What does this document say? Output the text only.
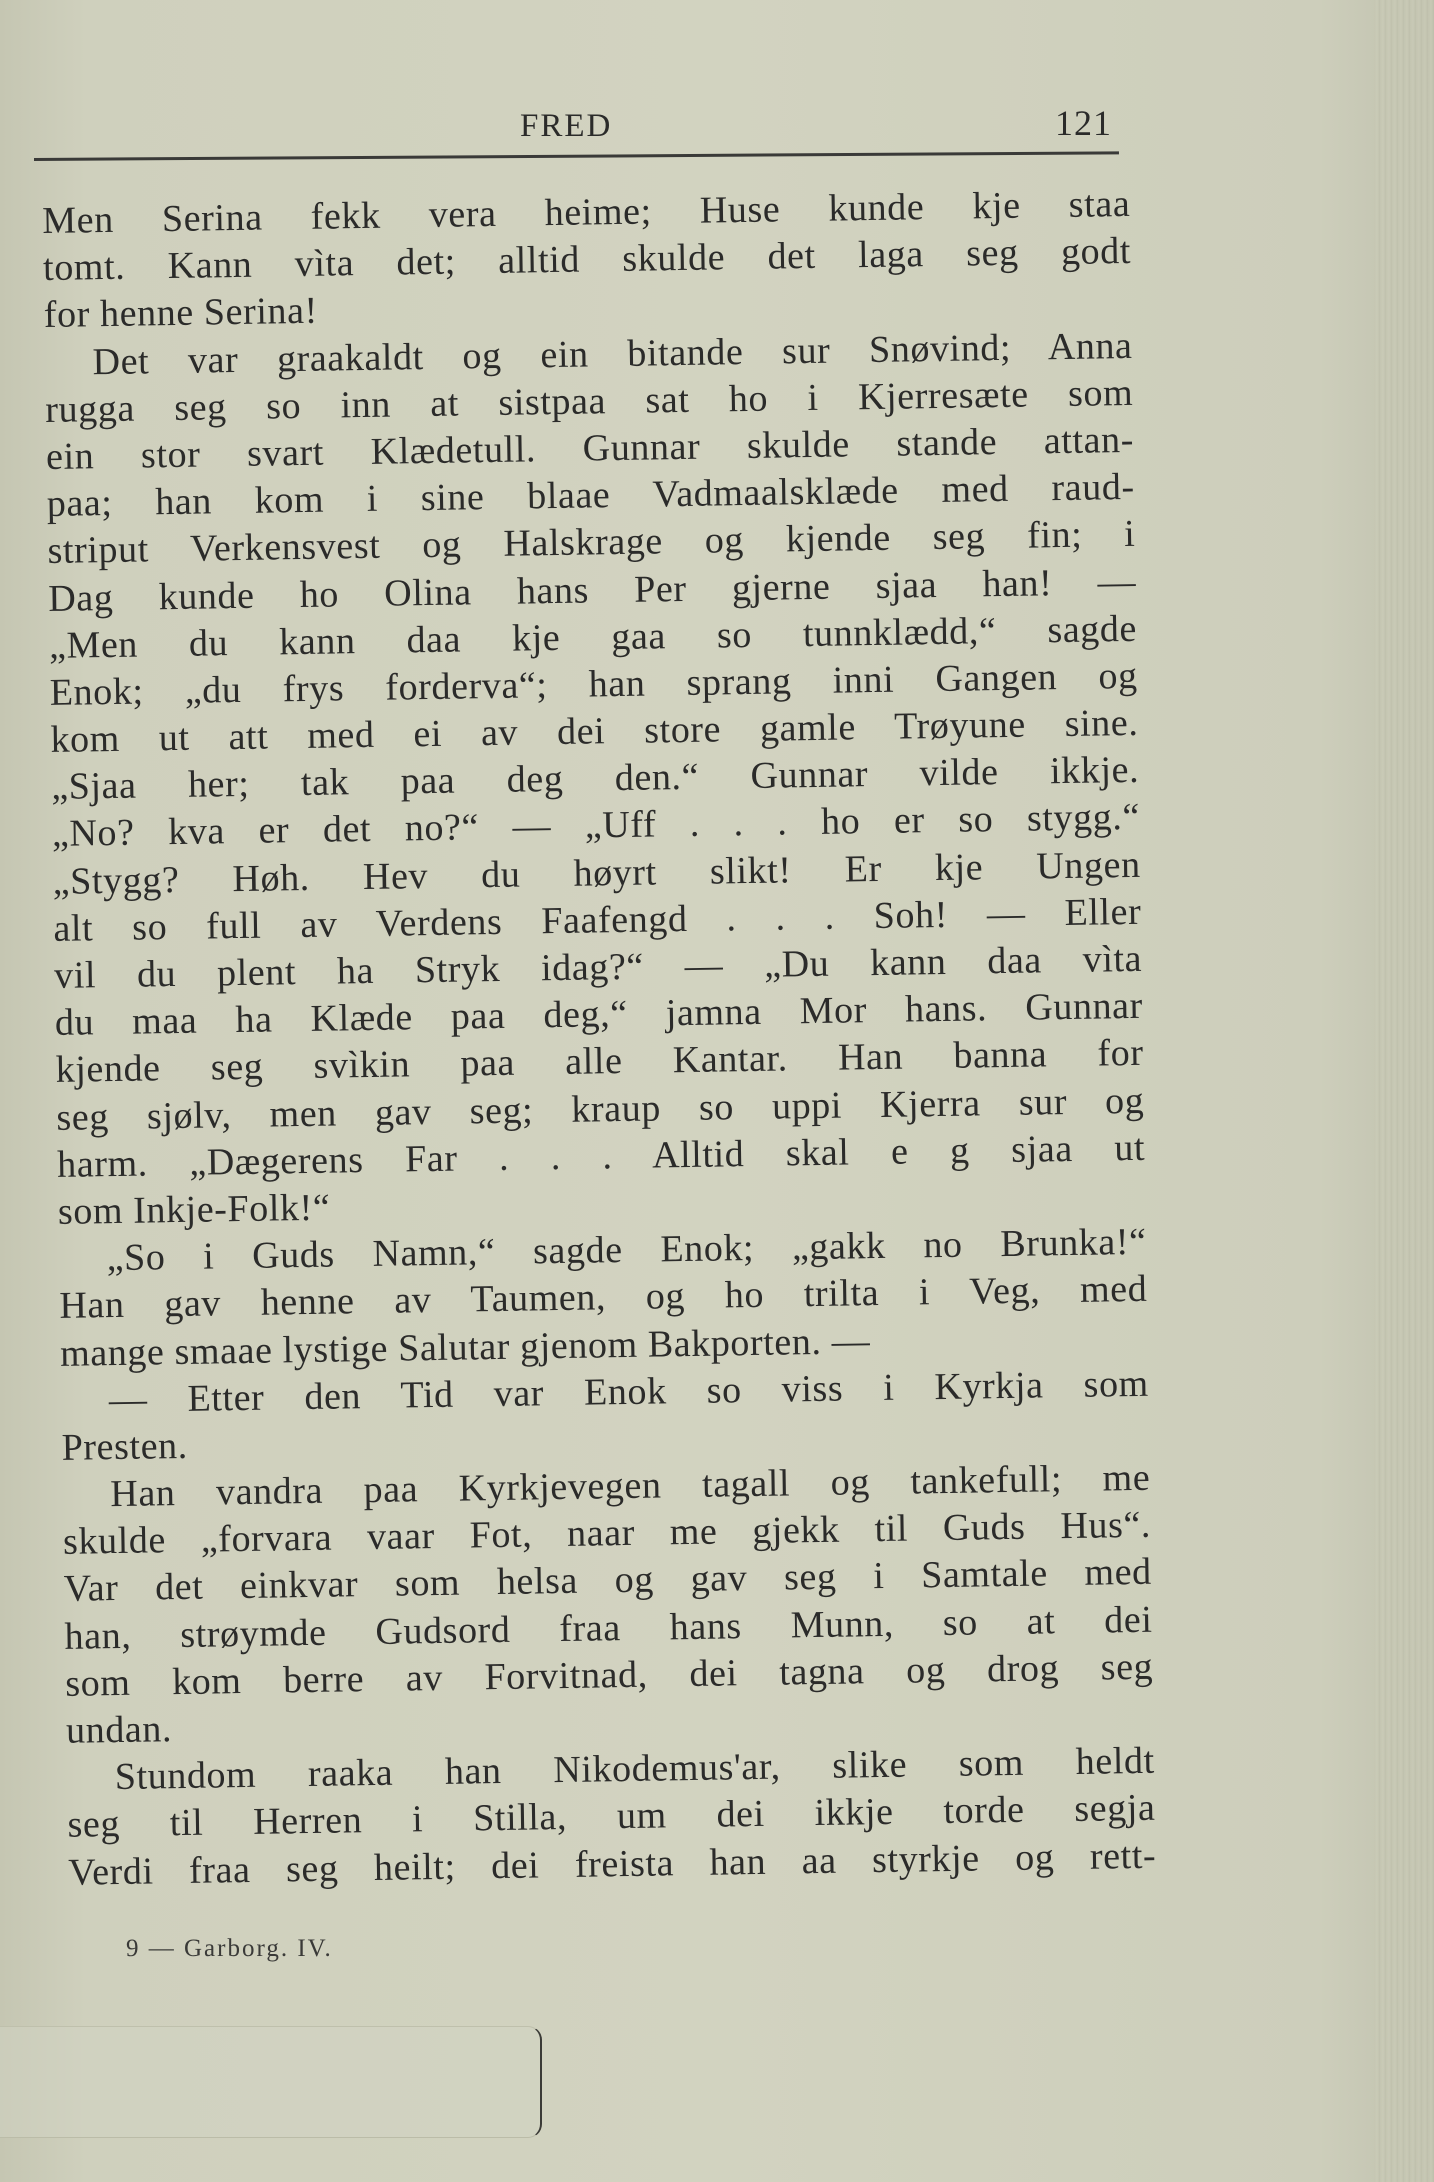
FRED	121
Men Serina fekk vera heime; Huse kunde kje staa
tomt. Kann vìta det; alltid skulde det laga seg godt
for henne Serina!
Det var graakaldt og ein bitande sur Snøvind; Anna
rugga seg so inn at sistpaa sat ho i Kjerresæte som
ein stor svart Klædetull. Gunnar skulde stande attan-
paa; han kom i sine blaae Vadmaalsklæde med raud-
striput Verkensvest og Halskrage og kjende seg fin; i
Dag kunde ho Olina hans Per gjerne sjaa han! —
„Men du kann daa kje gaa so tunnklædd,“ sagde
Enok; „du frys forderva“; han sprang inni Gangen og
kom ut att med ei av dei store gamle Trøyune sine.
„Sjaa her; tak paa deg den.“ Gunnar vilde ikkje.
„No? kva er det no?“ — „Uff . . . ho er so stygg.“
„Stygg? Høh. Hev du høyrt slikt! Er kje Ungen
alt so full av Verdens Faafengd . . . Soh! — Eller
vil du plent ha Stryk idag?“ — „Du kann daa vìta
du maa ha Klæde paa deg,“ jamna Mor hans. Gunnar
kjende seg svìkin paa alle Kantar. Han banna for
seg sjølv, men gav seg; kraup so uppi Kjerra sur og
harm. „Dægerens Far . . . Alltid skal e g sjaa ut
som Inkje-Folk!“
„So i Guds Namn,“ sagde Enok; „gakk no Brunka!“
Han gav henne av Taumen, og ho trilta i Veg, med
mange smaae lystige Salutar gjenom Bakporten. —
— Etter den Tid var Enok so viss i Kyrkja som
Presten.
Han vandra paa Kyrkjevegen tagall og tankefull; me
skulde „forvara vaar Fot, naar me gjekk til Guds Hus“.
Var det einkvar som helsa og gav seg i Samtale med
han, strøymde Gudsord fraa hans Munn, so at dei
som kom berre av Forvitnad, dei tagna og drog seg
undan.
Stundom raaka han Nikodemus'ar, slike som heldt
seg til Herren i Stilla, um dei ikkje torde segja
Verdi fraa seg heilt; dei freista han aa styrkje og rett-
9 — Garborg. IV.
